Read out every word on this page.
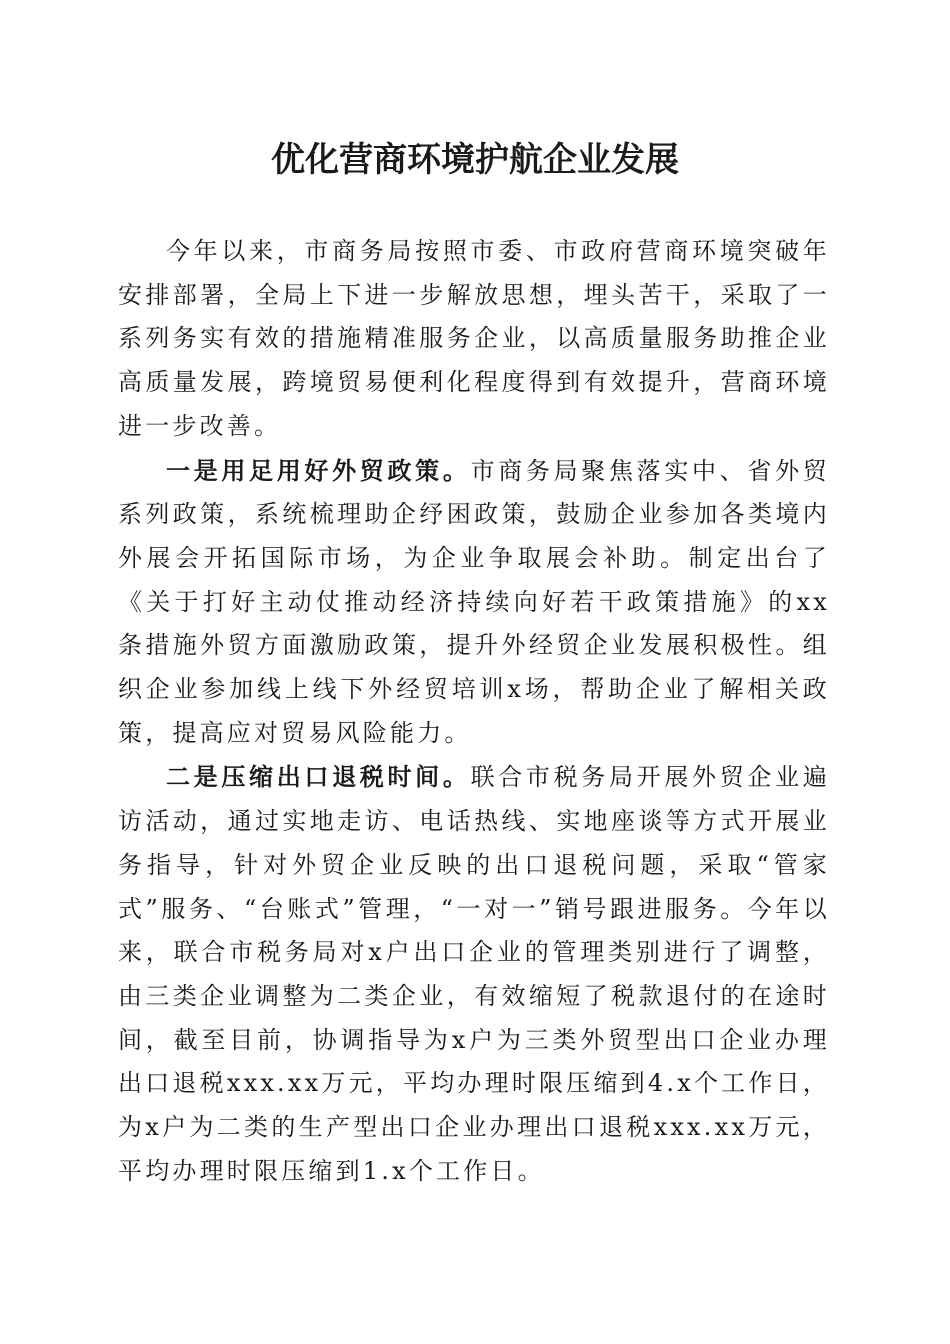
优化营商环境护航企业发展

今年以来，市商务局按照市委、市政府营商环境突破年安排部署，全局上下进一步解放思想，埋头苦干，采取了一系列务实有效的措施精准服务企业，以高质量服务助推企业高质量发展，跨境贸易便利化程度得到有效提升，营商环境进一步改善。

一是用足用好外贸政策。市商务局聚焦落实中、省外贸系列政策，系统梳理助企纾困政策，鼓励企业参加各类境内外展会开拓国际市场，为企业争取展会补助。制定出台了《关于打好主动仗推动经济持续向好若干政策措施》的xx条措施外贸方面激励政策，提升外经贸企业发展积极性。组织企业参加线上线下外经贸培训x场，帮助企业了解相关政策，提高应对贸易风险能力。

二是压缩出口退税时间。联合市税务局开展外贸企业遍访活动，通过实地走访、电话热线、实地座谈等方式开展业务指导，针对外贸企业反映的出口退税问题，采取“管家式”服务、“台账式”管理，“一对一”销号跟进服务。今年以来，联合市税务局对x户出口企业的管理类别进行了调整，由三类企业调整为二类企业，有效缩短了税款退付的在途时间，截至目前，协调指导为x户为三类外贸型出口企业办理出口退税xxx.xx万元，平均办理时限压缩到4.x个工作日，为x户为二类的生产型出口企业办理出口退税xxx.xx万元，平均办理时限压缩到1.x个工作日。
